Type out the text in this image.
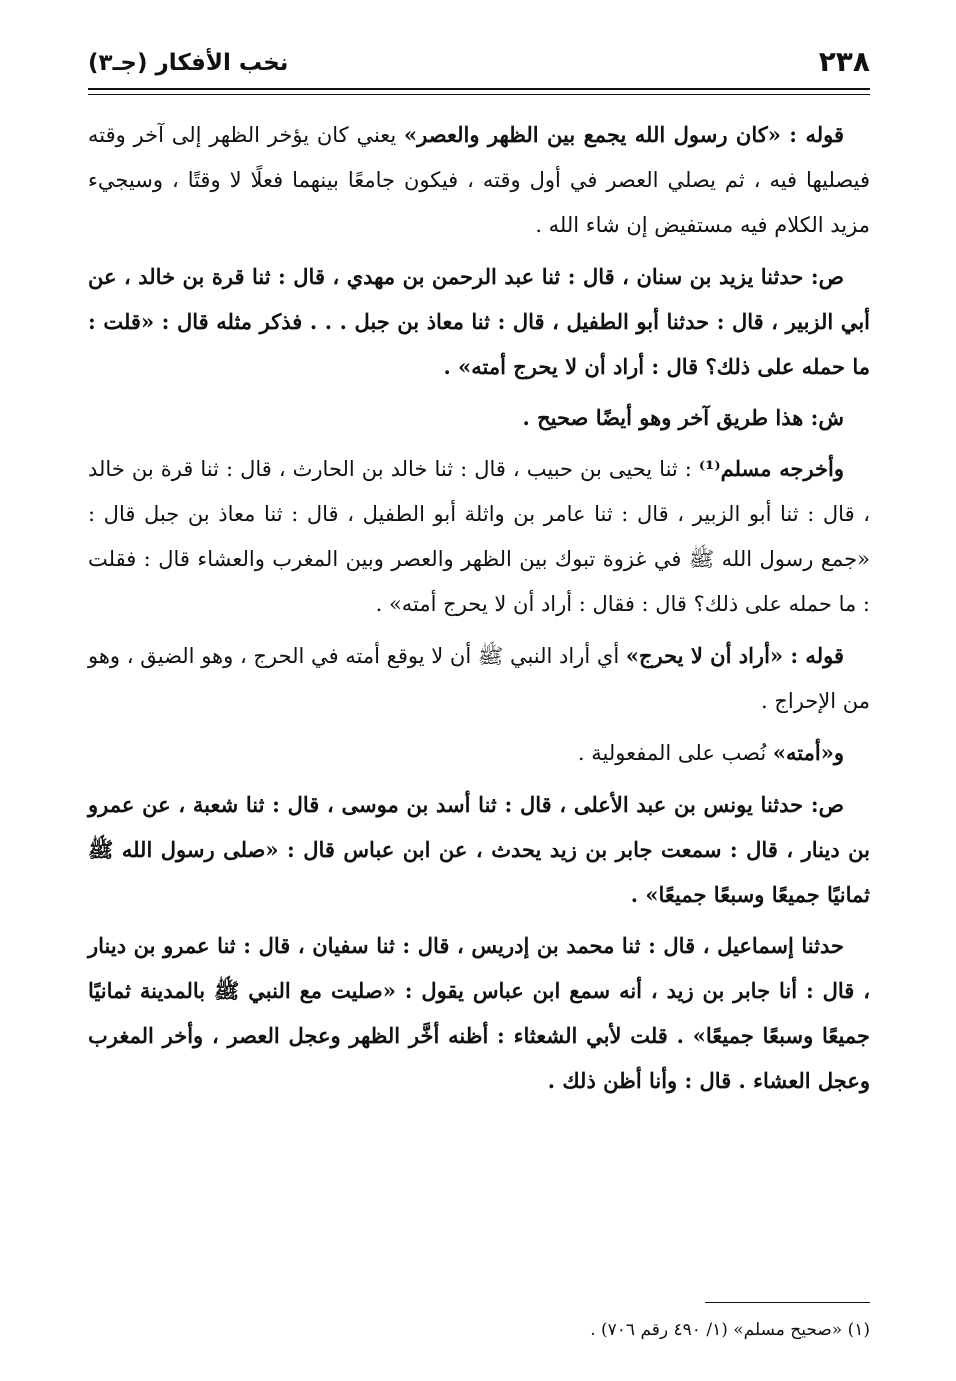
٢٣٨
نخب الأفكار (جـ٣)

قوله : «كان رسول الله يجمع بين الظهر والعصر» يعني كان يؤخر الظهر إلى آخر وقته فيصليها فيه ، ثم يصلي العصر في أول وقته ، فيكون جامعًا بينهما فعلًا لا وقتًا ، وسيجيء مزيد الكلام فيه مستفيض إن شاء الله .

ص: حدثنا يزيد بن سنان ، قال : ثنا عبد الرحمن بن مهدي ، قال : ثنا قرة بن خالد ، عن أبي الزبير ، قال : حدثنا أبو الطفيل ، قال : ثنا معاذ بن جبل . . . فذكر مثله قال : «قلت : ما حمله على ذلك؟ قال : أراد أن لا يحرج أمته» .

ش: هذا طريق آخر وهو أيضًا صحيح .

وأخرجه مسلم⁽¹⁾ : ثنا يحيى بن حبيب ، قال : ثنا خالد بن الحارث ، قال : ثنا قرة بن خالد ، قال : ثنا أبو الزبير ، قال : ثنا عامر بن واثلة أبو الطفيل ، قال : ثنا معاذ بن جبل قال : «جمع رسول الله ﷺ في غزوة تبوك بين الظهر والعصر وبين المغرب والعشاء قال : فقلت : ما حمله على ذلك؟ قال : فقال : أراد أن لا يحرج أمته» .

قوله : «أراد أن لا يحرج» أي أراد النبي ﷺ أن لا يوقع أمته في الحرج ، وهو الضيق ، وهو من الإحراج .

و«أمته» نُصب على المفعولية .

ص: حدثنا يونس بن عبد الأعلى ، قال : ثنا أسد بن موسى ، قال : ثنا شعبة ، عن عمرو بن دينار ، قال : سمعت جابر بن زيد يحدث ، عن ابن عباس قال : «صلى رسول الله ﷺ ثمانيًا جميعًا وسبعًا جميعًا» .

حدثنا إسماعيل ، قال : ثنا محمد بن إدريس ، قال : ثنا سفيان ، قال : ثنا عمرو بن دينار ، قال : أنا جابر بن زيد ، أنه سمع ابن عباس يقول : «صليت مع النبي ﷺ بالمدينة ثمانيًا جميعًا وسبعًا جميعًا» . قلت لأبي الشعثاء : أظنه أخَّر الظهر وعجل العصر ، وأخر المغرب وعجل العشاء . قال : وأنا أظن ذلك .

(١) «صحيح مسلم» (١/ ٤٩٠ رقم ٧٠٦) .
